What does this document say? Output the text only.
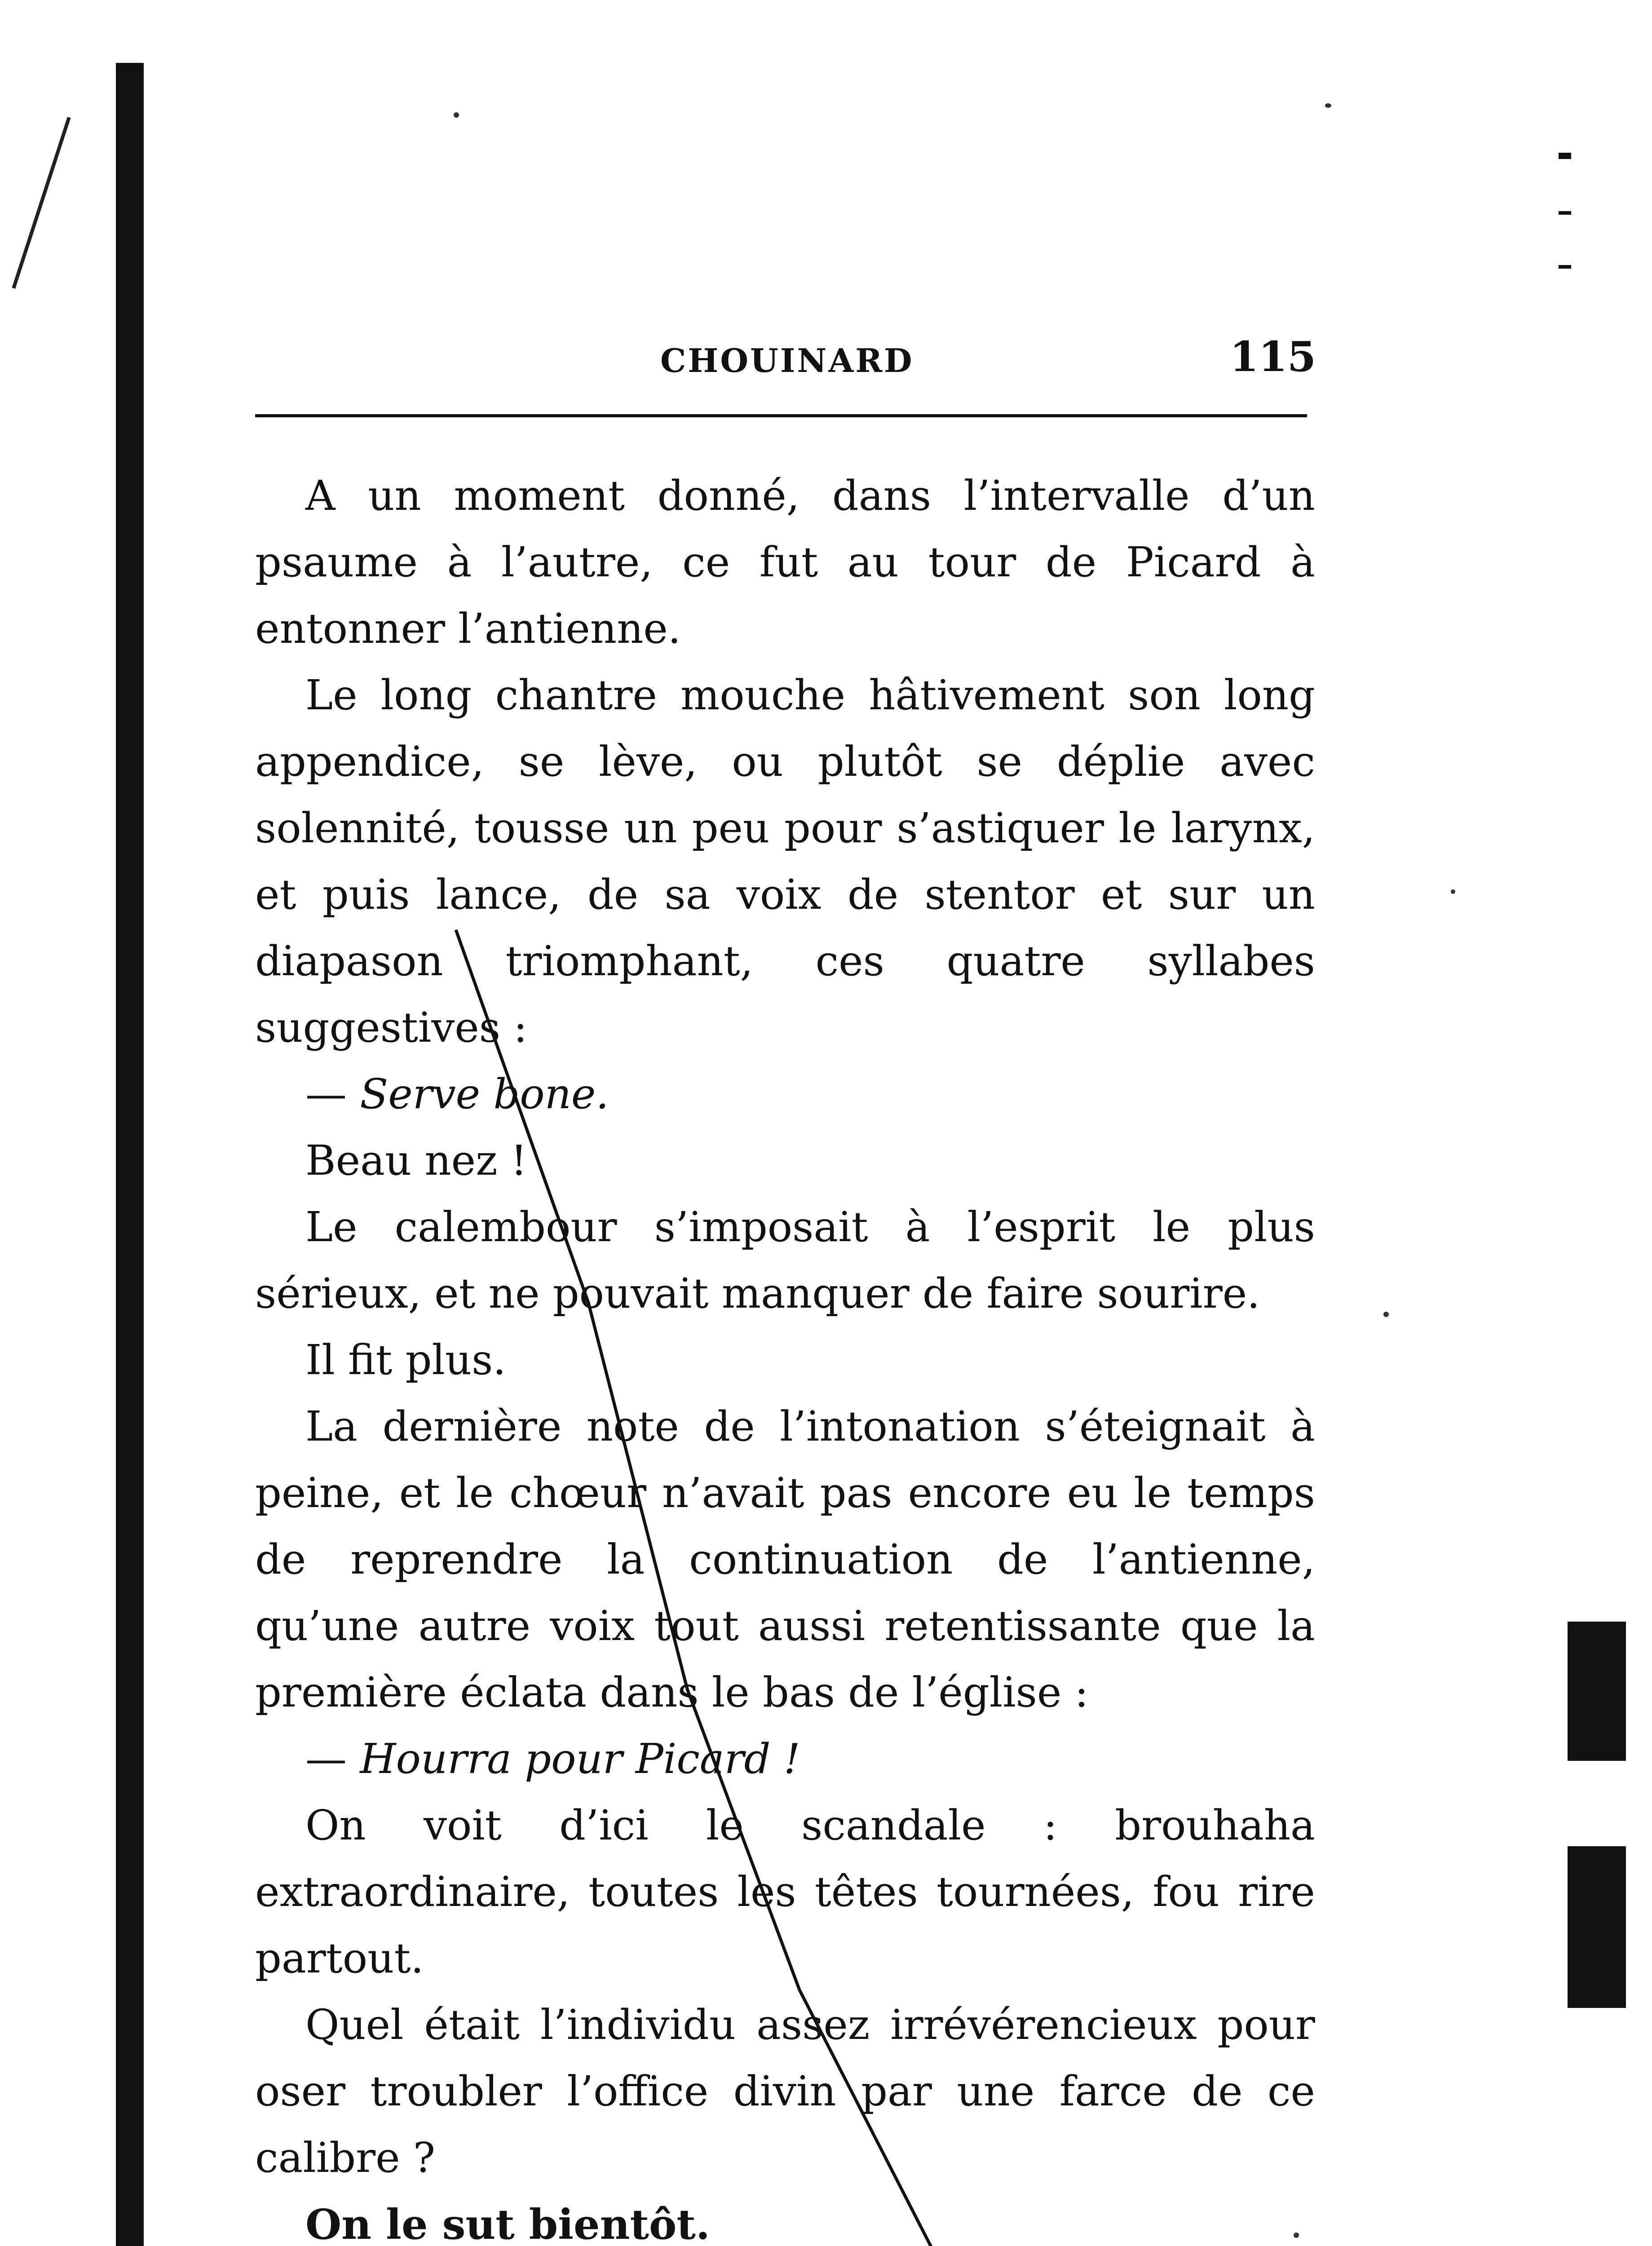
CHOUINARD	115

A un moment donné, dans l’intervalle d’un psaume à l’autre, ce fut au tour de Picard à entonner l’antienne.

Le long chantre mouche hâtivement son long appendice, se lève, ou plutôt se déplie avec solennité, tousse un peu pour s’astiquer le larynx, et puis lance, de sa voix de stentor et sur un diapason triomphant, ces quatre syllabes suggestives :

— Serve bone.

Beau nez !

Le calembour s’imposait à l’esprit le plus sérieux, et ne pouvait manquer de faire sourire.

Il fit plus.

La dernière note de l’intonation s’éteignait à peine, et le chœur n’avait pas encore eu le temps de reprendre la continuation de l’antienne, qu’une autre voix tout aussi retentissante que la première éclata dans le bas de l’église :

— Hourra pour Picard !

On voit d’ici le scandale : brouhaha extraordinaire, toutes les têtes tournées, fou rire partout.

Quel était l’individu assez irrévérencieux pour oser troubler l’office divin par une farce de ce calibre ?

On le sut bientôt.
